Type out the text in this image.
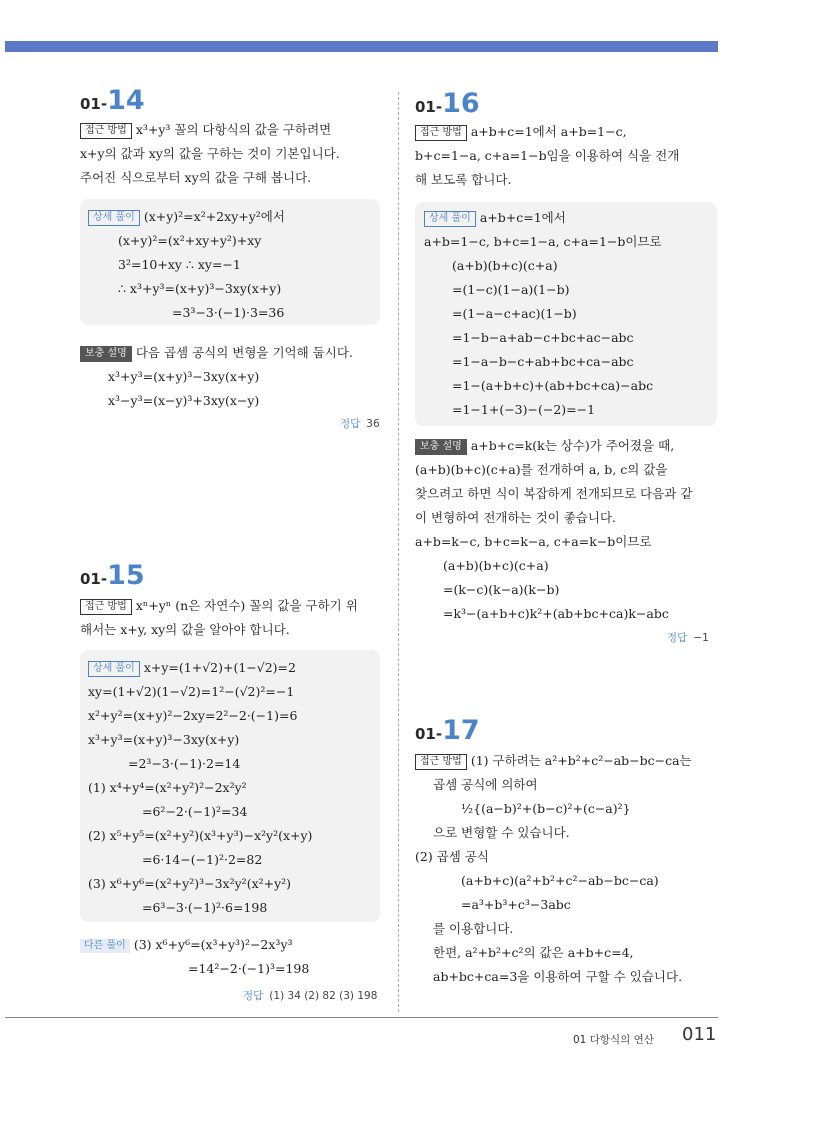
01-14
접근 방법 x³+y³ 꼴의 다항식의 값을 구하려면
x+y의 값과 xy의 값을 구하는 것이 기본입니다.
주어진 식으로부터 xy의 값을 구해 봅니다.
상세 풀이 (x+y)²=x²+2xy+y²에서
(x+y)²=(x²+xy+y²)+xy
3²=10+xy ∴ xy=−1
∴ x³+y³=(x+y)³−3xy(x+y)
=3³−3·(−1)·3=36
보충 설명 다음 곱셈 공식의 변형을 기억해 둡시다.
x³+y³=(x+y)³−3xy(x+y)
x³−y³=(x−y)³+3xy(x−y)
정답 36
01-15
접근 방법 xⁿ+yⁿ (n은 자연수) 꼴의 값을 구하기 위
해서는 x+y, xy의 값을 알아야 합니다.
상세 풀이 x+y=(1+√2)+(1−√2)=2
xy=(1+√2)(1−√2)=1²−(√2)²=−1
x²+y²=(x+y)²−2xy=2²−2·(−1)=6
x³+y³=(x+y)³−3xy(x+y)
=2³−3·(−1)·2=14
(1) x⁴+y⁴=(x²+y²)²−2x²y²
=6²−2·(−1)²=34
(2) x⁵+y⁵=(x²+y²)(x³+y³)−x²y²(x+y)
=6·14−(−1)²·2=82
(3) x⁶+y⁶=(x²+y²)³−3x²y²(x²+y²)
=6³−3·(−1)²·6=198
다른 풀이 (3) x⁶+y⁶=(x³+y³)²−2x³y³
=14²−2·(−1)³=198
정답 (1) 34 (2) 82 (3) 198
01-16
접근 방법 a+b+c=1에서 a+b=1−c,
b+c=1−a, c+a=1−b임을 이용하여 식을 전개
해 보도록 합니다.
상세 풀이 a+b+c=1에서
a+b=1−c, b+c=1−a, c+a=1−b이므로
(a+b)(b+c)(c+a)
=(1−c)(1−a)(1−b)
=(1−a−c+ac)(1−b)
=1−b−a+ab−c+bc+ac−abc
=1−a−b−c+ab+bc+ca−abc
=1−(a+b+c)+(ab+bc+ca)−abc
=1−1+(−3)−(−2)=−1
보충 설명 a+b+c=k(k는 상수)가 주어졌을 때,
(a+b)(b+c)(c+a)를 전개하여 a, b, c의 값을
찾으려고 하면 식이 복잡하게 전개되므로 다음과 같
이 변형하여 전개하는 것이 좋습니다.
a+b=k−c, b+c=k−a, c+a=k−b이므로
(a+b)(b+c)(c+a)
=(k−c)(k−a)(k−b)
=k³−(a+b+c)k²+(ab+bc+ca)k−abc
정답 −1
01-17
접근 방법 (1) 구하려는 a²+b²+c²−ab−bc−ca는
곱셈 공식에 의하여
½{(a−b)²+(b−c)²+(c−a)²}
으로 변형할 수 있습니다.
(2) 곱셈 공식
(a+b+c)(a²+b²+c²−ab−bc−ca)
=a³+b³+c³−3abc
를 이용합니다.
한편, a²+b²+c²의 값은 a+b+c=4,
ab+bc+ca=3을 이용하여 구할 수 있습니다.
01 다항식의 연산 011
